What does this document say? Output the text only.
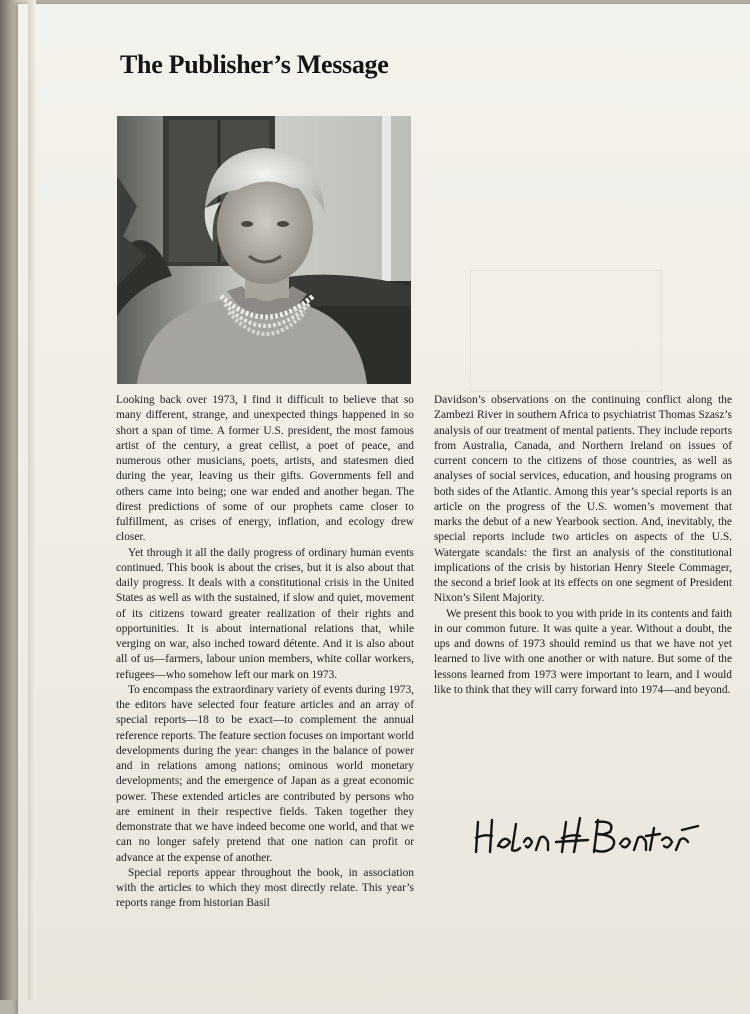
The Publisher’s Message

Looking back over 1973, I find it difficult to believe that so many different, strange, and unexpected things happened in so short a span of time. A former U.S. president, the most famous artist of the century, a great cellist, a poet of peace, and numerous other musicians, poets, artists, and statesmen died during the year, leaving us their gifts. Governments fell and others came into being; one war ended and another began. The direst predictions of some of our prophets came closer to fulfillment, as crises of energy, inflation, and ecology drew closer.

Yet through it all the daily progress of ordinary human events continued. This book is about the crises, but it is also about that daily progress. It deals with a constitutional crisis in the United States as well as with the sustained, if slow and quiet, movement of its citizens toward greater realization of their rights and opportunities. It is about international relations that, while verging on war, also inched toward détente. And it is also about all of us—farmers, labour union members, white collar workers, refugees—who somehow left our mark on 1973.

To encompass the extraordinary variety of events during 1973, the editors have selected four feature articles and an array of special reports—18 to be exact—to complement the annual reference reports. The feature section focuses on important world developments during the year: changes in the balance of power and in relations among nations; ominous world monetary developments; and the emergence of Japan as a great economic power. These extended articles are contributed by persons who are eminent in their respective fields. Taken together they demonstrate that we have indeed become one world, and that we can no longer safely pretend that one nation can profit or advance at the expense of another.

Special reports appear throughout the book, in association with the articles to which they most directly relate. This year’s reports range from historian Basil

Davidson’s observations on the continuing conflict along the Zambezi River in southern Africa to psychiatrist Thomas Szasz’s analysis of our treatment of mental patients. They include reports from Australia, Canada, and Northern Ireland on issues of current concern to the citizens of those countries, as well as analyses of social services, education, and housing programs on both sides of the Atlantic. Among this year’s special reports is an article on the progress of the U.S. women’s movement that marks the debut of a new Yearbook section. And, inevitably, the special reports include two articles on aspects of the U.S. Watergate scandals: the first an analysis of the constitutional implications of the crisis by historian Henry Steele Commager, the second a brief look at its effects on one segment of President Nixon’s Silent Majority.

We present this book to you with pride in its contents and faith in our common future. It was quite a year. Without a doubt, the ups and downs of 1973 should remind us that we have not yet learned to live with one another or with nature. But some of the lessons learned from 1973 were important to learn, and I would like to think that they will carry forward into 1974—and beyond.
